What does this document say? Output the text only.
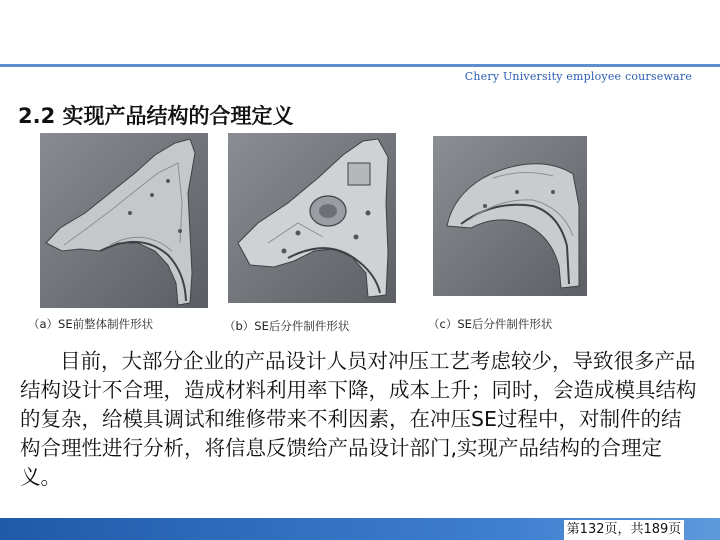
Chery University employee courseware
2.2 实现产品结构的合理定义
（a）SE前整体制件形状	（b）SE后分件制件形状	（c）SE后分件制件形状
目前，大部分企业的产品设计人员对冲压工艺考虑较少，导致很多产品结构设计不合理，造成材料利用率下降，成本上升；同时，会造成模具结构的复杂，给模具调试和维修带来不利因素，在冲压SE过程中，对制件的结构合理性进行分析，将信息反馈给产品设计部门,实现产品结构的合理定义。
第132页，共189页
